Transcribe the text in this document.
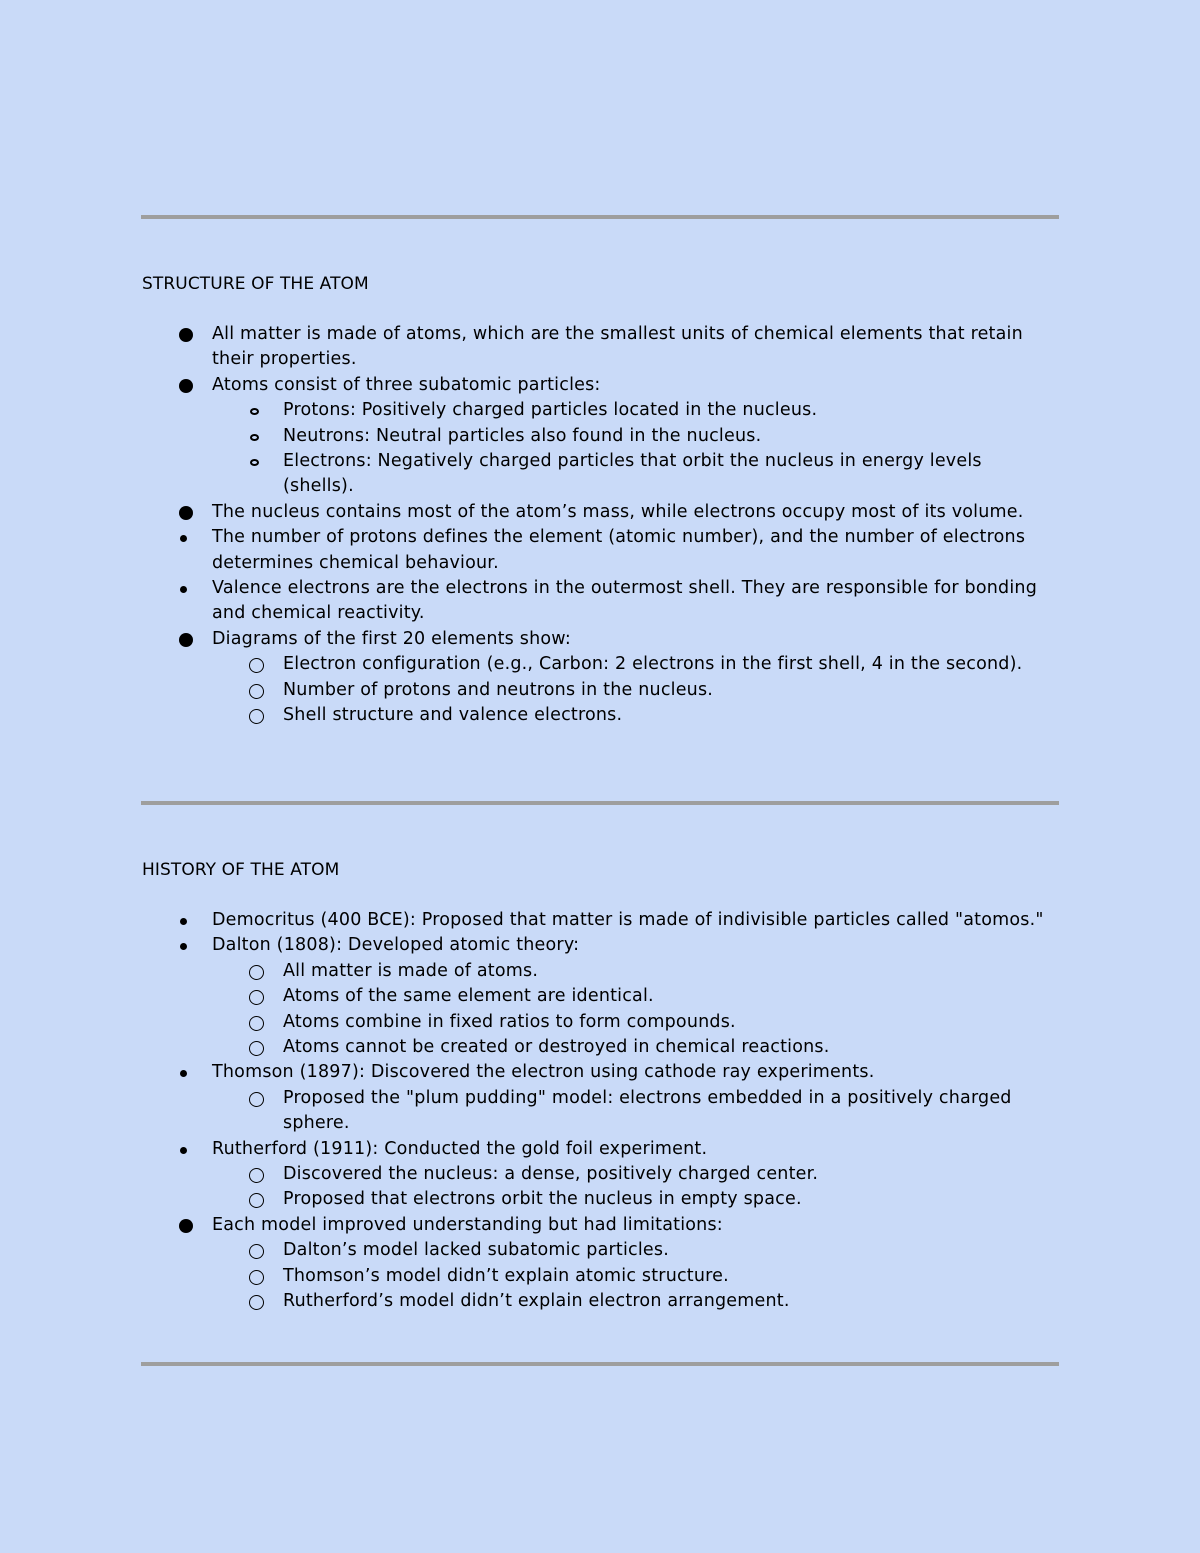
STRUCTURE OF THE ATOM
All matter is made of atoms, which are the smallest units of chemical elements that retain their properties.
Atoms consist of three subatomic particles:
Protons: Positively charged particles located in the nucleus.
Neutrons: Neutral particles also found in the nucleus.
Electrons: Negatively charged particles that orbit the nucleus in energy levels (shells).
The nucleus contains most of the atom’s mass, while electrons occupy most of its volume.
The number of protons defines the element (atomic number), and the number of electrons determines chemical behaviour.
Valence electrons are the electrons in the outermost shell. They are responsible for bonding and chemical reactivity.
Diagrams of the first 20 elements show:
Electron configuration (e.g., Carbon: 2 electrons in the first shell, 4 in the second).
Number of protons and neutrons in the nucleus.
Shell structure and valence electrons.
HISTORY OF THE ATOM
Democritus (400 BCE): Proposed that matter is made of indivisible particles called "atomos."
Dalton (1808): Developed atomic theory:
All matter is made of atoms.
Atoms of the same element are identical.
Atoms combine in fixed ratios to form compounds.
Atoms cannot be created or destroyed in chemical reactions.
Thomson (1897): Discovered the electron using cathode ray experiments.
Proposed the "plum pudding" model: electrons embedded in a positively charged sphere.
Rutherford (1911): Conducted the gold foil experiment.
Discovered the nucleus: a dense, positively charged center.
Proposed that electrons orbit the nucleus in empty space.
Each model improved understanding but had limitations:
Dalton’s model lacked subatomic particles.
Thomson’s model didn’t explain atomic structure.
Rutherford’s model didn’t explain electron arrangement.
